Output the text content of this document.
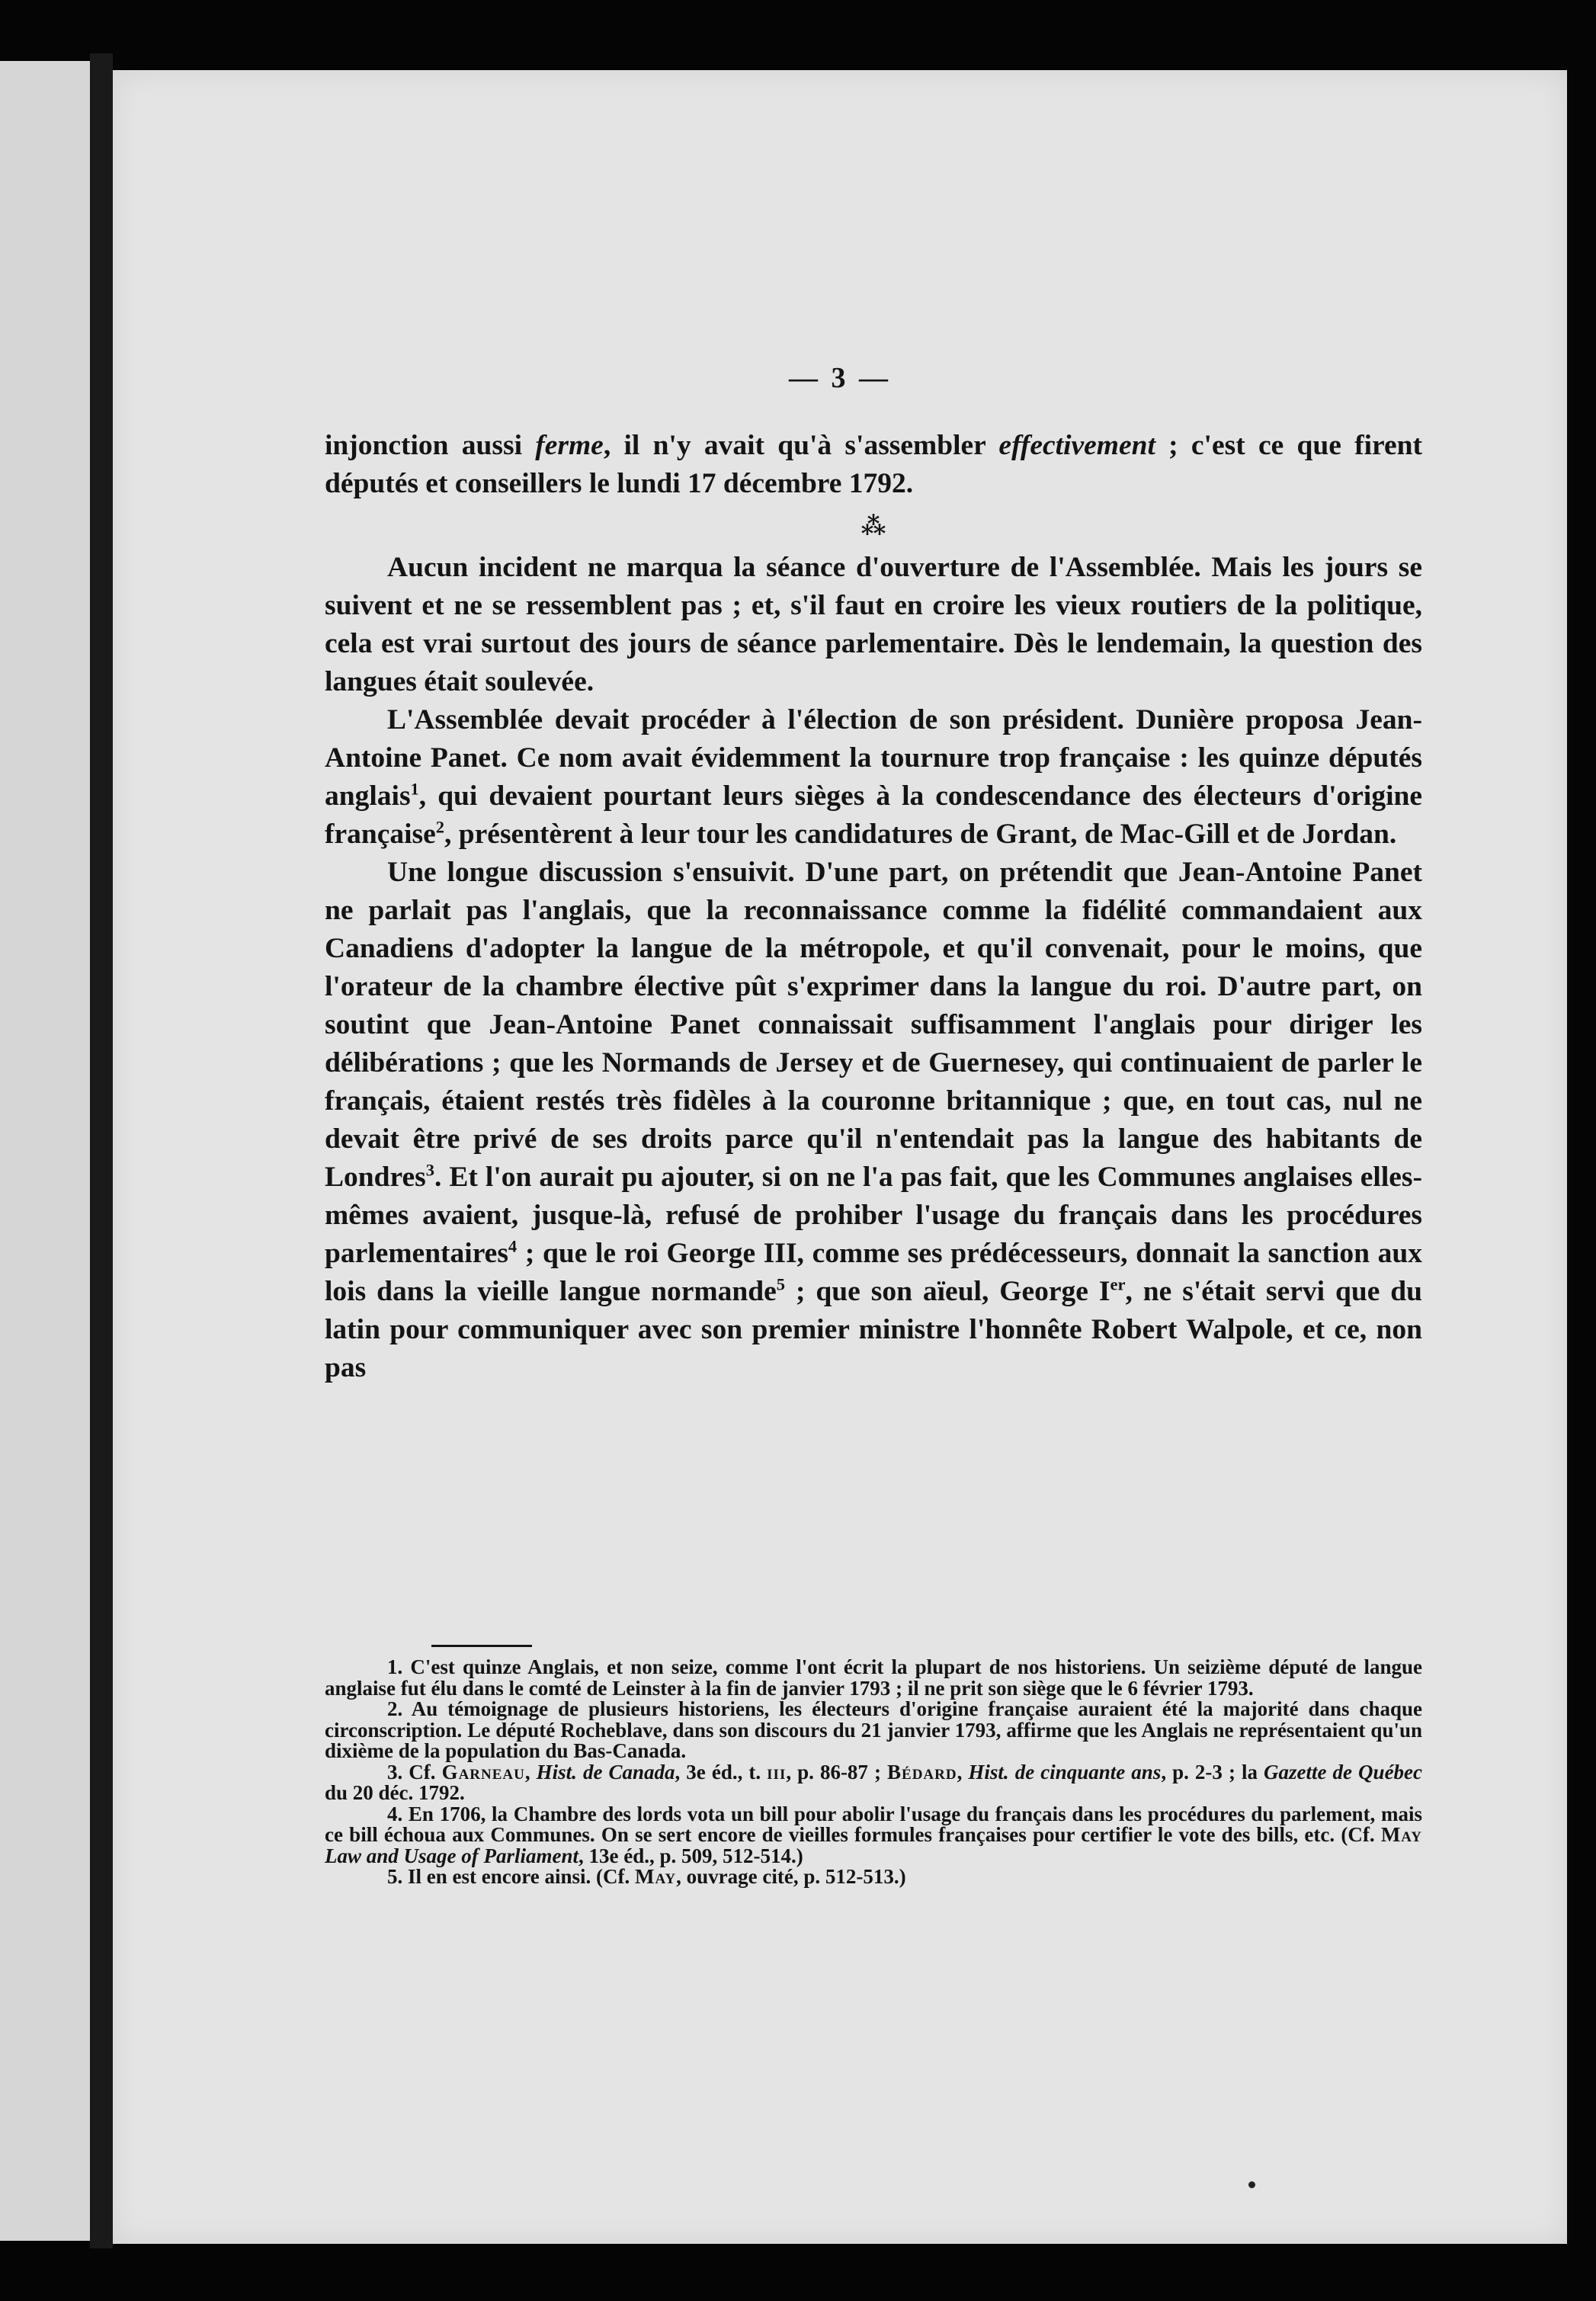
— 3 —

injonction aussi ferme, il n'y avait qu'à s'assembler effectivement ; c'est ce que firent députés et conseillers le lundi 17 décembre 1792.

⁂

Aucun incident ne marqua la séance d'ouverture de l'Assemblée. Mais les jours se suivent et ne se ressemblent pas ; et, s'il faut en croire les vieux routiers de la politique, cela est vrai surtout des jours de séance parlementaire. Dès le lendemain, la question des langues était soulevée.

L'Assemblée devait procéder à l'élection de son président. Dunière proposa Jean-Antoine Panet. Ce nom avait évidemment la tournure trop française : les quinze députés anglais$^1$, qui devaient pourtant leurs sièges à la condescendance des électeurs d'origine française$^2$, présentèrent à leur tour les candidatures de Grant, de Mac-Gill et de Jordan.

Une longue discussion s'ensuivit. D'une part, on prétendit que Jean-Antoine Panet ne parlait pas l'anglais, que la reconnaissance comme la fidélité commandaient aux Canadiens d'adopter la langue de la métropole, et qu'il convenait, pour le moins, que l'orateur de la chambre élective pût s'exprimer dans la langue du roi. D'autre part, on soutint que Jean-Antoine Panet connaissait suffisamment l'anglais pour diriger les délibérations ; que les Normands de Jersey et de Guernesey, qui continuaient de parler le français, étaient restés très fidèles à la couronne britannique ; que, en tout cas, nul ne devait être privé de ses droits parce qu'il n'entendait pas la langue des habitants de Londres$^3$. Et l'on aurait pu ajouter, si on ne l'a pas fait, que les Communes anglaises elles-mêmes avaient, jusque-là, refusé de prohiber l'usage du français dans les procédures parlementaires$^4$ ; que le roi George III, comme ses prédécesseurs, donnait la sanction aux lois dans la vieille langue normande$^5$ ; que son aïeul, George Ier, ne s'était servi que du latin pour communiquer avec son premier ministre l'honnête Robert Walpole, et ce, non pas

1. C'est quinze Anglais, et non seize, comme l'ont écrit la plupart de nos historiens. Un seizième député de langue anglaise fut élu dans le comté de Leinster à la fin de janvier 1793 ; il ne prit son siège que le 6 février 1793.

2. Au témoignage de plusieurs historiens, les électeurs d'origine française auraient été la majorité dans chaque circonscription. Le député Rocheblave, dans son discours du 21 janvier 1793, affirme que les Anglais ne représentaient qu'un dixième de la population du Bas-Canada.

3. Cf. Garneau, Hist. de Canada, 3e éd., t. iii, p. 86-87 ; Bédard, Hist. de cinquante ans, p. 2-3 ; la Gazette de Québec du 20 déc. 1792.

4. En 1706, la Chambre des lords vota un bill pour abolir l'usage du français dans les procédures du parlement, mais ce bill échoua aux Communes. On se sert encore de vieilles formules françaises pour certifier le vote des bills, etc. (Cf. May Law and Usage of Parliament, 13e éd., p. 509, 512-514.)

5. Il en est encore ainsi. (Cf. May, ouvrage cité, p. 512-513.)
